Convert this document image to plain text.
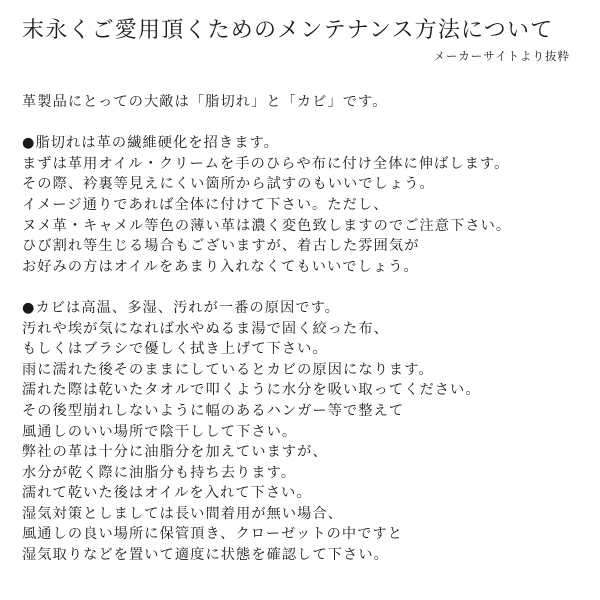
末永くご愛用頂くためのメンテナンス方法について
メーカーサイトより抜粋
革製品にとっての大敵は「脂切れ」と「カビ」です。
●脂切れは革の繊維硬化を招きます。
まずは革用オイル・クリームを手のひらや布に付け全体に伸ばします。
その際、衿裏等見えにくい箇所から試すのもいいでしょう。
イメージ通りであれば全体に付けて下さい。ただし、
ヌメ革・キャメル等色の薄い革は濃く変色致しますのでご注意下さい。
ひび割れ等生じる場合もございますが、着古した雰囲気が
お好みの方はオイルをあまり入れなくてもいいでしょう。
●カビは高温、多湿、汚れが一番の原因です。
汚れや埃が気になれば水やぬるま湯で固く絞った布、
もしくはブラシで優しく拭き上げて下さい。
雨に濡れた後そのままにしているとカビの原因になります。
濡れた際は乾いたタオルで叩くように水分を吸い取ってください。
その後型崩れしないように幅のあるハンガー等で整えて
風通しのいい場所で陰干しして下さい。
弊社の革は十分に油脂分を加えていますが、
水分が乾く際に油脂分も持ち去ります。
濡れて乾いた後はオイルを入れて下さい。
湿気対策としましては長い間着用が無い場合、
風通しの良い場所に保管頂き、クローゼットの中ですと
湿気取りなどを置いて適度に状態を確認して下さい。
